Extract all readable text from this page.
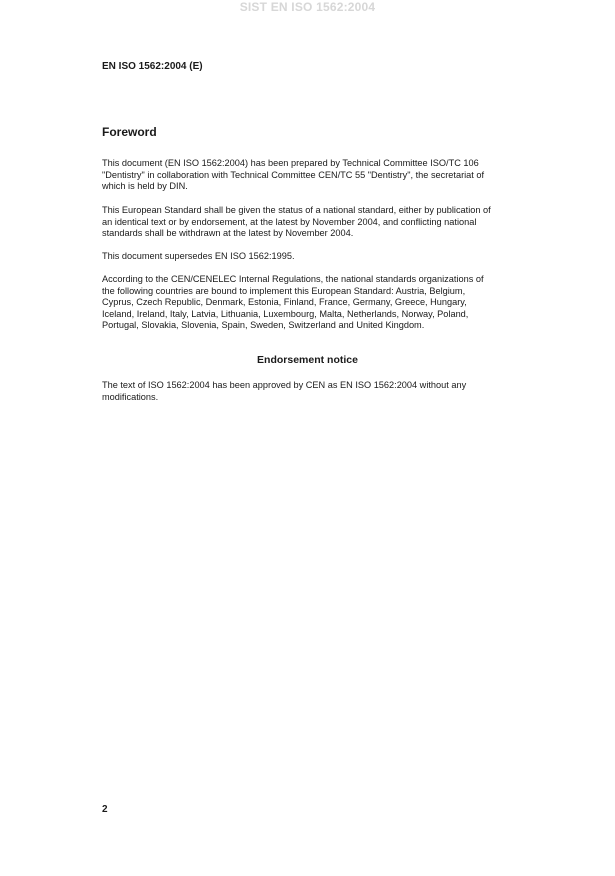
SIST EN ISO 1562:2004
EN ISO 1562:2004 (E)
Foreword
This document (EN ISO 1562:2004) has been prepared by Technical Committee ISO/TC 106
"Dentistry" in collaboration with Technical Committee CEN/TC 55 "Dentistry", the secretariat of
which is held by DIN.
This European Standard shall be given the status of a national standard, either by publication of
an identical text or by endorsement, at the latest by November 2004, and conflicting national
standards shall be withdrawn at the latest by November 2004.
This document supersedes EN ISO 1562:1995.
According to the CEN/CENELEC Internal Regulations, the national standards organizations of
the following countries are bound to implement this European Standard: Austria, Belgium,
Cyprus, Czech Republic, Denmark, Estonia, Finland, France, Germany, Greece, Hungary,
Iceland, Ireland, Italy, Latvia, Lithuania, Luxembourg, Malta, Netherlands, Norway, Poland,
Portugal, Slovakia, Slovenia, Spain, Sweden, Switzerland and United Kingdom.
Endorsement notice
The text of ISO 1562:2004 has been approved by CEN as EN ISO 1562:2004 without any
modifications.
2
